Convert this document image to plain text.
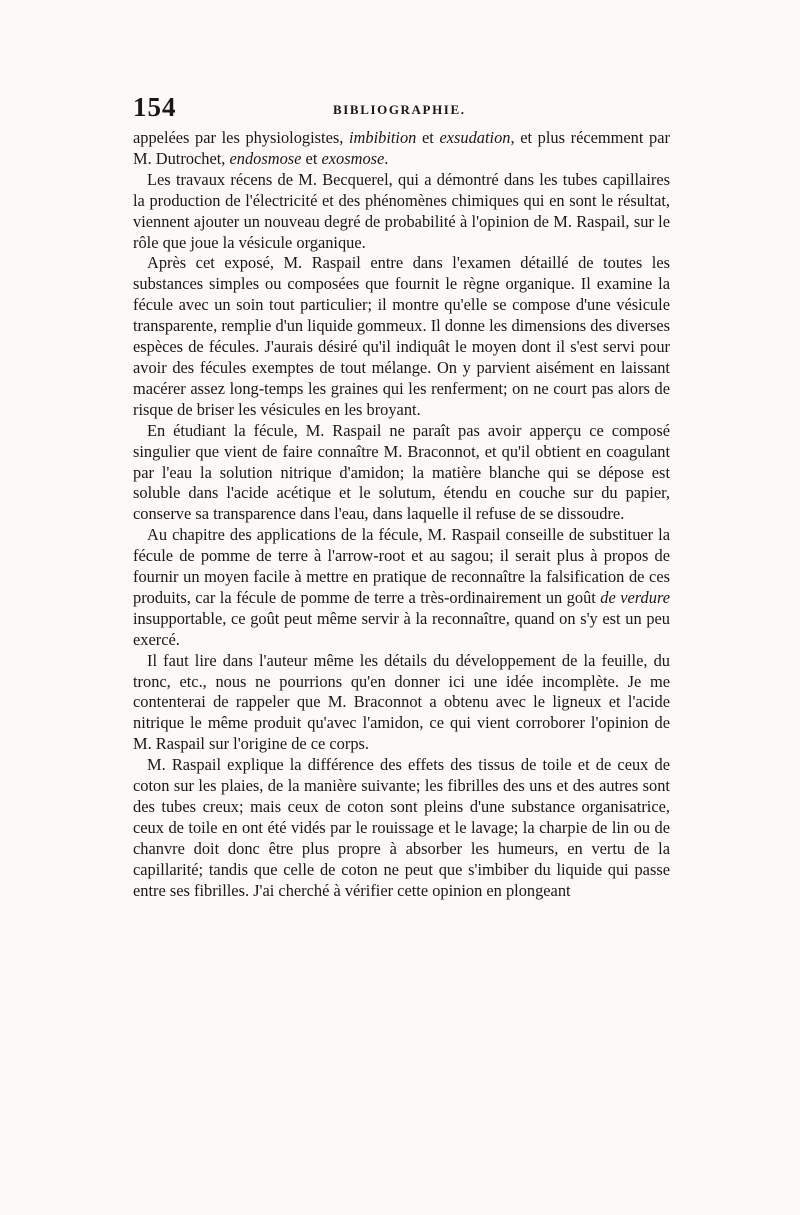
154	BIBLIOGRAPHIE.

appelées par les physiologistes, imbibition et exsudation, et plus récemment par M. Dutrochet, endosmose et exosmose.

Les travaux récens de M. Becquerel, qui a démontré dans les tubes capillaires la production de l'électricité et des phénomènes chimiques qui en sont le résultat, viennent ajouter un nouveau degré de probabilité à l'opinion de M. Raspail, sur le rôle que joue la vésicule organique.

Après cet exposé, M. Raspail entre dans l'examen détaillé de toutes les substances simples ou composées que fournit le règne organique. Il examine la fécule avec un soin tout particulier; il montre qu'elle se compose d'une vésicule transparente, remplie d'un liquide gommeux. Il donne les dimensions des diverses espèces de fécules. J'aurais désiré qu'il indiquât le moyen dont il s'est servi pour avoir des fécules exemptes de tout mélange. On y parvient aisément en laissant macérer assez long-temps les graines qui les renferment; on ne court pas alors de risque de briser les vésicules en les broyant.

En étudiant la fécule, M. Raspail ne paraît pas avoir apperçu ce composé singulier que vient de faire connaître M. Braconnot, et qu'il obtient en coagulant par l'eau la solution nitrique d'amidon; la matière blanche qui se dépose est soluble dans l'acide acétique et le solutum, étendu en couche sur du papier, conserve sa transparence dans l'eau, dans laquelle il refuse de se dissoudre.

Au chapitre des applications de la fécule, M. Raspail conseille de substituer la fécule de pomme de terre à l'arrow-root et au sagou; il serait plus à propos de fournir un moyen facile à mettre en pratique de reconnaître la falsification de ces produits, car la fécule de pomme de terre a très-ordinairement un goût de verdure insupportable, ce goût peut même servir à la reconnaître, quand on s'y est un peu exercé.

Il faut lire dans l'auteur même les détails du développement de la feuille, du tronc, etc., nous ne pourrions qu'en donner ici une idée incomplète. Je me contenterai de rappeler que M. Braconnot a obtenu avec le ligneux et l'acide nitrique le même produit qu'avec l'amidon, ce qui vient corroborer l'opinion de M. Raspail sur l'origine de ce corps.

M. Raspail explique la différence des effets des tissus de toile et de ceux de coton sur les plaies, de la manière suivante; les fibrilles des uns et des autres sont des tubes creux; mais ceux de coton sont pleins d'une substance organisatrice, ceux de toile en ont été vidés par le rouissage et le lavage; la charpie de lin ou de chanvre doit donc être plus propre à absorber les humeurs, en vertu de la capillarité; tandis que celle de coton ne peut que s'imbiber du liquide qui passe entre ses fibrilles. J'ai cherché à vérifier cette opinion en plongeant
